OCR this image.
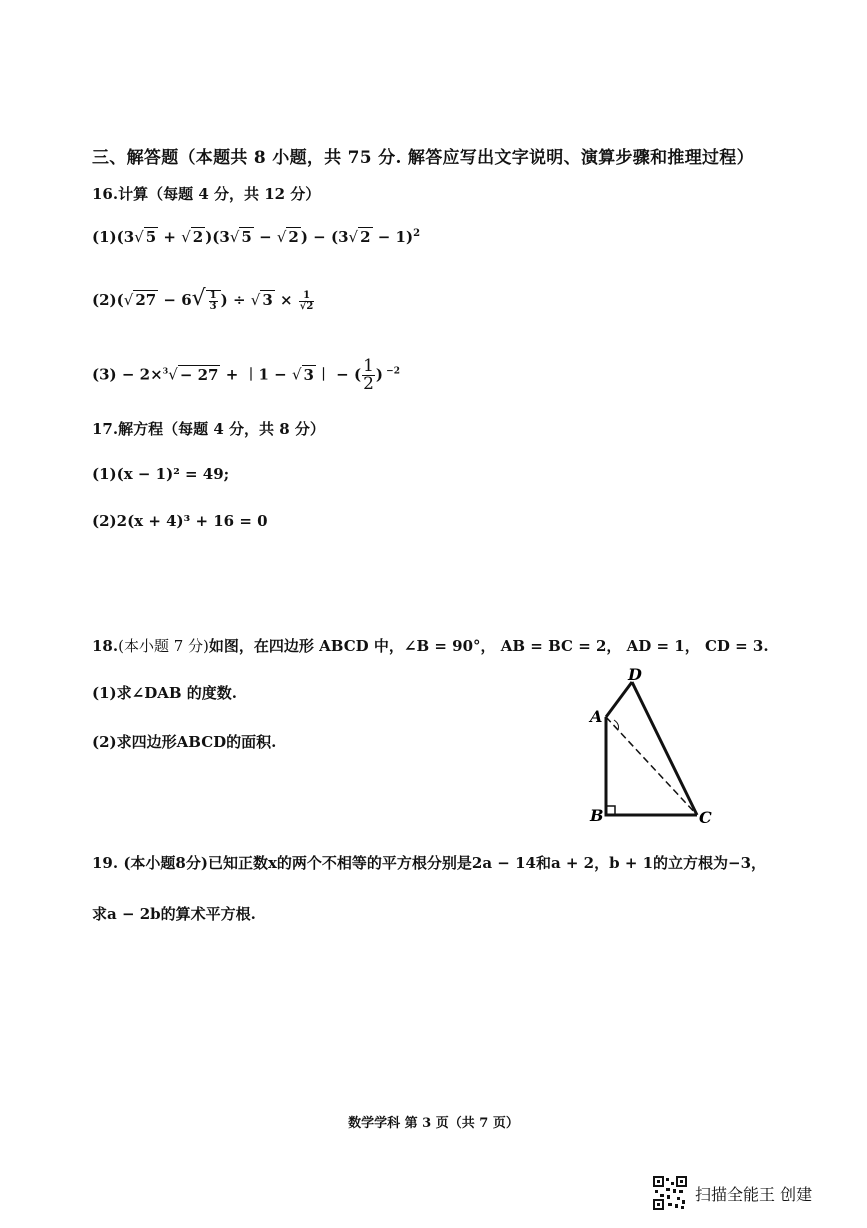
三、解答题（本题共 8 小题，共 75 分. 解答应写出文字说明、演算步骤和推理过程）
16.计算（每题 4 分，共 12 分）
(1)(3√ 5 + √ 2 )(3√ 5 − √ 2 ) − (3√ 2 − 1)$^2$
(2)(√ $27 - 6√ \frac{1}{3}$ ) ÷ √ $3 \times \frac{1}{√2}$
(3) − 2×$^3$√ − 27 + ︱1 − √ 3 ︱ − ( $\frac{1}{2}$ ) $^{-2}$
17.解方程（每题 4 分，共 8 分）
(1)(x − 1)² = 49;
(2)2(x + 4)³ + 16 = 0
18.(本小题 7 分)如图，在四边形 ABCD 中，∠B = 90°， AB = BC = 2， AD = 1， CD = 3.
(1)求∠DAB 的度数.
(2)求四边形ABCD的面积.
D
A
B	C
19. (本小题8分)已知正数x的两个不相等的平方根分别是2a − 14和a + 2，b + 1的立方根为−3，
求a − 2b的算术平方根.
数学学科 第 3 页（共 7 页）
扫描全能王 创建
